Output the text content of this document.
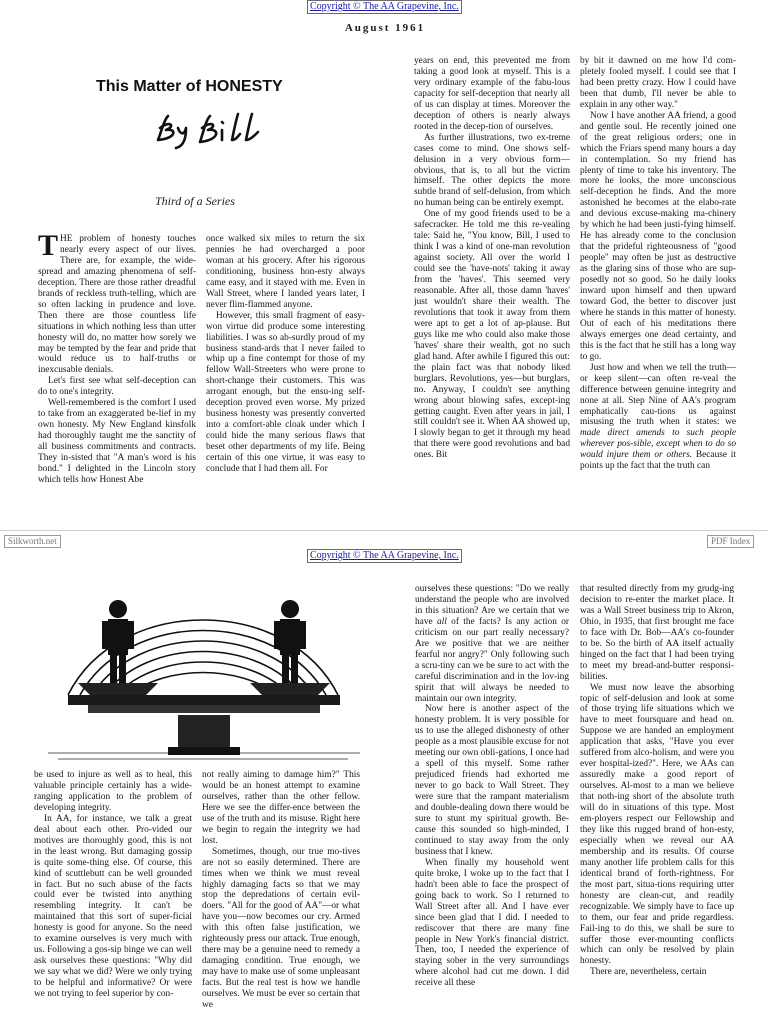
Copyright © The AA Grapevine, Inc.
August 1961
This Matter of HONESTY
Third of a Series

THE problem of honesty touches nearly every aspect of our lives. There are, for example, the wide-spread and amazing phenomena of self-deception. There are those rather dreadful brands of reckless truth-telling, which are so often lacking in prudence and love. Then there are those countless life situations in which nothing less than utter honesty will do, no matter how sorely we may be tempted by the fear and pride that would reduce us to half-truths or inexcusable denials.

Let's first see what self-deception can do to one's integrity.

Well-remembered is the comfort I used to take from an exaggerated be-lief in my own honesty. My New England kinsfolk had thoroughly taught me the sanctity of all business commitments and contracts. They in-sisted that "A man's word is his bond." I delighted in the Lincoln story which tells how Honest Abe

once walked six miles to return the six pennies he had overcharged a poor woman at his grocery. After his rigorous conditioning, business hon-esty always came easy, and it stayed with me. Even in Wall Street, where I landed years later, I never flim-flammed anyone.

However, this small fragment of easy-won virtue did produce some interesting liabilities. I was so ab-surdly proud of my business stand-ards that I never failed to whip up a fine contempt for those of my fellow Wall-Streeters who were prone to short-change their customers. This was arrogant enough, but the ensu-ing self-deception proved even worse. My prized business honesty was presently converted into a comfort-able cloak under which I could hide the many serious flaws that beset other departments of my life. Being certain of this one virtue, it was easy to conclude that I had them all. For

years on end, this prevented me from taking a good look at myself. This is a very ordinary example of the fabu-lous capacity for self-deception that nearly all of us can display at times. Moreover the deception of others is nearly always rooted in the decep-tion of ourselves.

As further illustrations, two ex-treme cases come to mind. One shows self-delusion in a very obvious form—obvious, that is, to all but the victim himself. The other depicts the more subtle brand of self-delusion, from which no human being can be entirely exempt.

One of my good friends used to be a safecracker. He told me this re-vealing tale: Said he, "You know, Bill, I used to think I was a kind of one-man revolution against society. All over the world I could see the 'have-nots' taking it away from the 'haves'. This seemed very reasonable. After all, those damn 'haves' just wouldn't share their wealth. The revolutions that took it away from them were apt to get a lot of ap-plause. But guys like me who could also make those 'haves' share their wealth, got no such glad hand. After awhile I figured this out: the plain fact was that nobody liked burglars. Revolutions, yes—but burglars, no. Anyway, I couldn't see anything wrong about blowing safes, except-ing getting caught. Even after years in jail, I still couldn't see it. When AA showed up, I slowly began to get it through my head that there were good revolutions and bad ones. Bit

by bit it dawned on me how I'd com-pletely fooled myself. I could see that I had been pretty crazy. How I could have been that dumb, I'll never be able to explain in any other way."

Now I have another AA friend, a good and gentle soul. He recently joined one of the great religious orders; one in which the Friars spend many hours a day in contemplation. So my friend has plenty of time to take his inventory. The more he looks, the more unconscious self-deception he finds. And the more astonished he becomes at the elabo-rate and devious excuse-making ma-chinery by which he had been justi-fying himself. He has already come to the conclusion that the prideful righteousness of "good people" may often be just as destructive as the glaring sins of those who are sup-posedly not so good. So he daily looks inward upon himself and then upward toward God, the better to discover just where he stands in this matter of honesty. Out of each of his meditations there always emerges one dead certainty, and this is the fact that he still has a long way to go.

Just how and when we tell the truth—or keep silent—can often re-veal the difference between genuine integrity and none at all. Step Nine of AA's program emphatically cau-tions us against misusing the truth when it states: we made direct amends to such people wherever pos-sible, except when to do so would injure them or others. Because it points up the fact that the truth can

Silkworth.net	PDF Index
Copyright © The AA Grapevine, Inc.

be used to injure as well as to heal, this valuable principle certainly has a wide-ranging application to the problem of developing integrity.

In AA, for instance, we talk a great deal about each other. Pro-vided our motives are thoroughly good, this is not in the least wrong. But damaging gossip is quite some-thing else. Of course, this kind of scuttlebutt can be well grounded in fact. But no such abuse of the facts could ever be twisted into anything resembling integrity. It can't be maintained that this sort of super-ficial honesty is good for anyone. So the need to examine ourselves is very much with us. Following a gos-sip binge we can well ask ourselves these questions: "Why did we say what we did? Were we only trying to be helpful and informative? Or were we not trying to feel superior by con-

not really aiming to damage him?" This would be an honest attempt to examine ourselves, rather than the other fellow. Here we see the differ-ence between the use of the truth and its misuse. Right here we begin to regain the integrity we had lost.

Sometimes, though, our true mo-tives are not so easily determined. There are times when we think we must reveal highly damaging facts so that we may stop the depredations of certain evil-doers. "All for the good of AA"—or what have you—now becomes our cry. Armed with this often false justification, we righteously press our attack. True enough, there may be a genuine need to remedy a damaging condition. True enough, we may have to make use of some unpleasant facts. But the real test is how we handle ourselves. We must be ever so certain that we

ourselves these questions: "Do we really understand the people who are involved in this situation? Are we certain that we have all of the facts? Is any action or criticism on our part really necessary? Are we positive that we are neither fearful nor angry?" Only following such a scru-tiny can we be sure to act with the careful discrimination and in the lov-ing spirit that will always be needed to maintain our own integrity.

Now here is another aspect of the honesty problem. It is very possible for us to use the alleged dishonesty of other people as a most plausible excuse for not meeting our own obli-gations, I once had a spell of this myself. Some rather prejudiced friends had exhorted me never to go back to Wall Street. They were sure that the rampant materialism and double-dealing down there would be sure to stunt my spiritual growth. Be-cause this sounded so high-minded, I continued to stay away from the only business that I knew.

When finally my household went quite broke, I woke up to the fact that I hadn't been able to face the prospect of going back to work. So I returned to Wall Street after all. And I have ever since been glad that I did. I needed to rediscover that there are many fine people in New York's financial district. Then, too, I needed the experience of staying sober in the very surroundings where alcohol had cut me down. I did receive all these

that resulted directly from my grudg-ing decision to re-enter the market place. It was a Wall Street business trip to Akron, Ohio, in 1935, that first brought me face to face with Dr. Bob—AA's co-founder to be. So the birth of AA itself actually hinged on the fact that I had been trying to meet my bread-and-butter responsi-bilities.

We must now leave the absorbing topic of self-delusion and look at some of those trying life situations which we have to meet foursquare and head on. Suppose we are handed an employment application that asks, "Have you ever suffered from alco-holism, and were you ever hospital-ized?". Here, we AAs can assuredly make a good report of ourselves. Al-most to a man we believe that noth-ing short of the absolute truth will do in situations of this type. Most em-ployers respect our Fellowship and they like this rugged brand of hon-esty, especially when we reveal our AA membership and its results. Of course many another life problem calls for this identical brand of forth-rightness. For the most part, situa-tions requiring utter honesty are clean-cut, and readily recognizable. We simply have to face up to them, our fear and pride regardless. Fail-ing to do this, we shall be sure to suffer those ever-mounting conflicts which can only be resolved by plain honesty.

There are, nevertheless, certain
